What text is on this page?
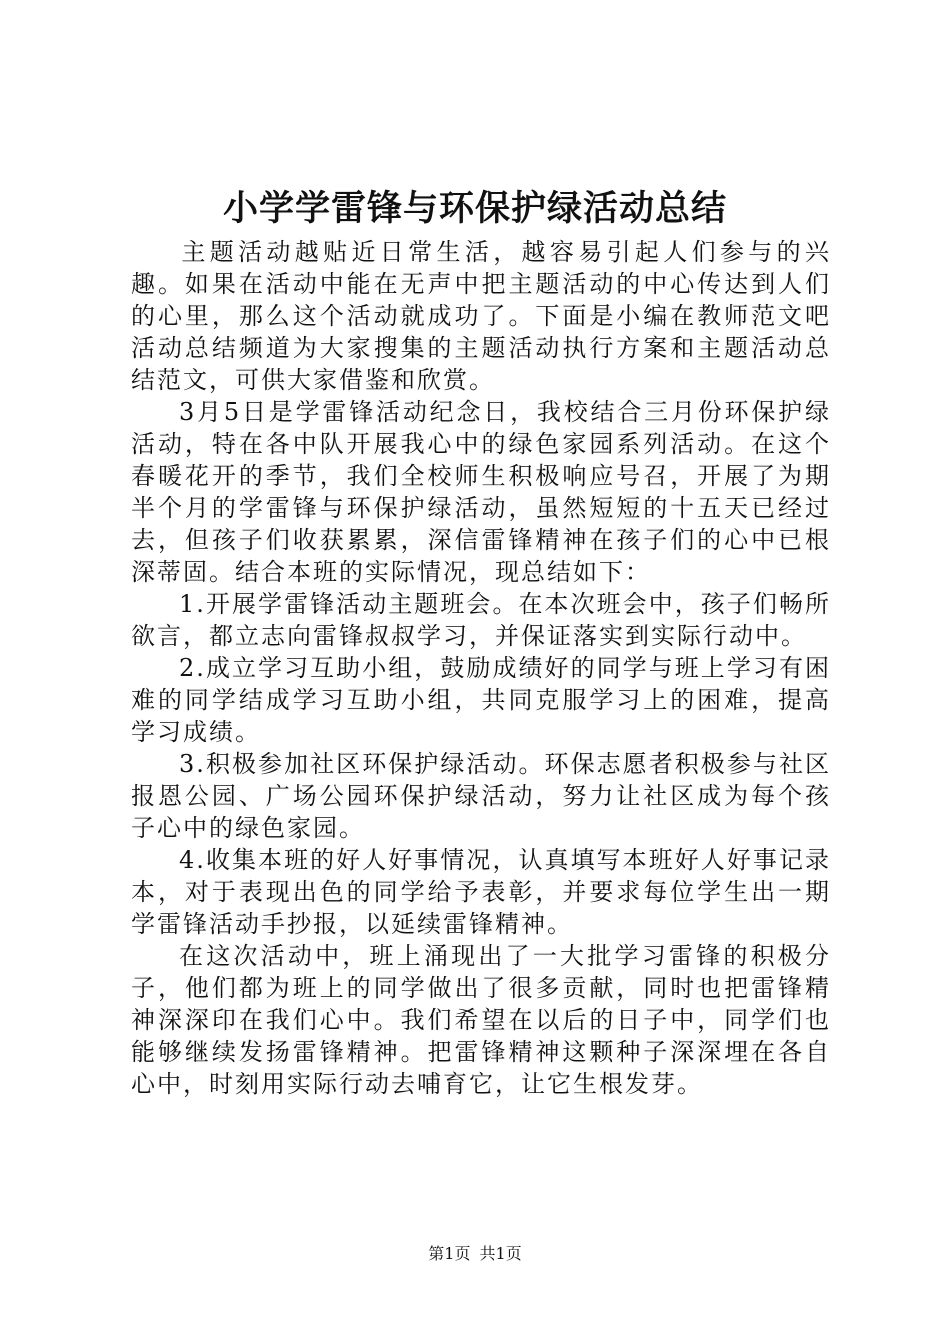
小学学雷锋与环保护绿活动总结

主题活动越贴近日常生活，越容易引起人们参与的兴趣。如果在活动中能在无声中把主题活动的中心传达到人们的心里，那么这个活动就成功了。下面是小编在教师范文吧活动总结频道为大家搜集的主题活动执行方案和主题活动总结范文，可供大家借鉴和欣赏。

3月5日是学雷锋活动纪念日，我校结合三月份环保护绿活动，特在各中队开展我心中的绿色家园系列活动。在这个春暖花开的季节，我们全校师生积极响应号召，开展了为期半个月的学雷锋与环保护绿活动，虽然短短的十五天已经过去，但孩子们收获累累，深信雷锋精神在孩子们的心中已根深蒂固。结合本班的实际情况，现总结如下：

1.开展学雷锋活动主题班会。在本次班会中，孩子们畅所欲言，都立志向雷锋叔叔学习，并保证落实到实际行动中。

2.成立学习互助小组，鼓励成绩好的同学与班上学习有困难的同学结成学习互助小组，共同克服学习上的困难，提高学习成绩。

3.积极参加社区环保护绿活动。环保志愿者积极参与社区报恩公园、广场公园环保护绿活动，努力让社区成为每个孩子心中的绿色家园。

4.收集本班的好人好事情况，认真填写本班好人好事记录本，对于表现出色的同学给予表彰，并要求每位学生出一期学雷锋活动手抄报，以延续雷锋精神。

在这次活动中，班上涌现出了一大批学习雷锋的积极分子，他们都为班上的同学做出了很多贡献，同时也把雷锋精神深深印在我们心中。我们希望在以后的日子中，同学们也能够继续发扬雷锋精神。把雷锋精神这颗种子深深埋在各自心中，时刻用实际行动去哺育它，让它生根发芽。

第1页 共1页
